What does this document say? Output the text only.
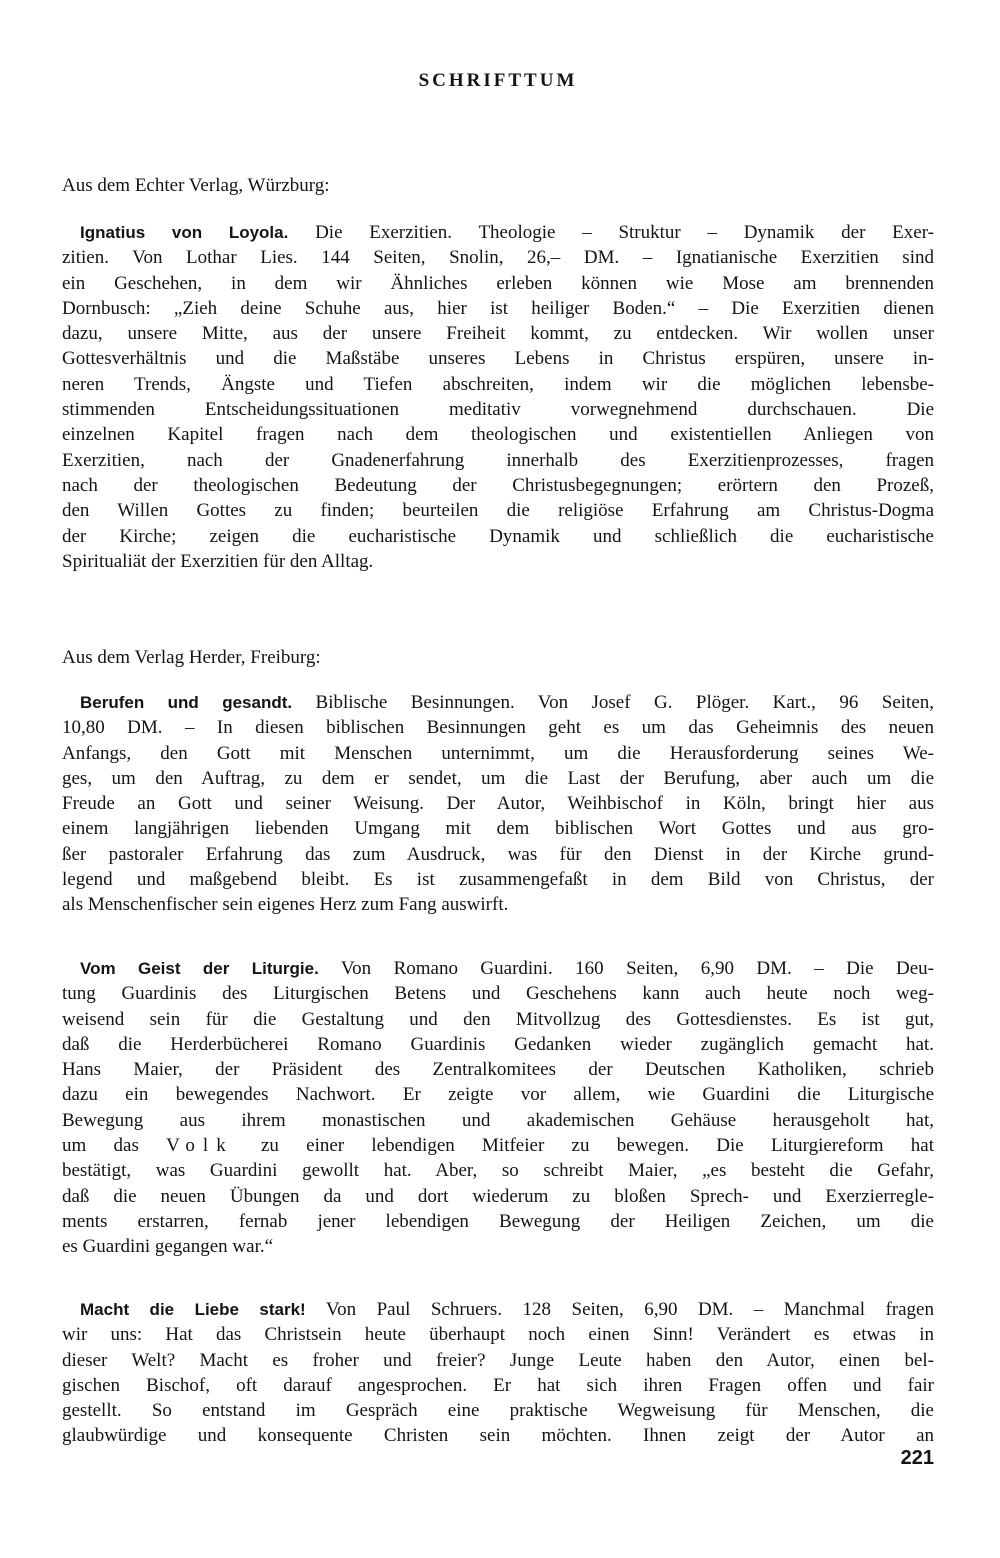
SCHRIFTTUM
Aus dem Echter Verlag, Würzburg:
Ignatius von Loyola. Die Exerzitien. Theologie – Struktur – Dynamik der Exer-
zitien. Von Lothar Lies. 144 Seiten, Snolin, 26,– DM. – Ignatianische Exerzitien sind
ein Geschehen, in dem wir Ähnliches erleben können wie Mose am brennenden
Dornbusch: „Zieh deine Schuhe aus, hier ist heiliger Boden.“ – Die Exerzitien dienen
dazu, unsere Mitte, aus der unsere Freiheit kommt, zu entdecken. Wir wollen unser
Gottesverhältnis und die Maßstäbe unseres Lebens in Christus erspüren, unsere in-
neren Trends, Ängste und Tiefen abschreiten, indem wir die möglichen lebensbe-
stimmenden Entscheidungssituationen meditativ vorwegnehmend durchschauen. Die
einzelnen Kapitel fragen nach dem theologischen und existentiellen Anliegen von
Exerzitien, nach der Gnadenerfahrung innerhalb des Exerzitienprozesses, fragen
nach der theologischen Bedeutung der Christusbegegnungen; erörtern den Prozeß,
den Willen Gottes zu finden; beurteilen die religiöse Erfahrung am Christus-Dogma
der Kirche; zeigen die eucharistische Dynamik und schließlich die eucharistische
Spiritualiät der Exerzitien für den Alltag.
Aus dem Verlag Herder, Freiburg:
Berufen und gesandt. Biblische Besinnungen. Von Josef G. Plöger. Kart., 96 Seiten,
10,80 DM. – In diesen biblischen Besinnungen geht es um das Geheimnis des neuen
Anfangs, den Gott mit Menschen unternimmt, um die Herausforderung seines We-
ges, um den Auftrag, zu dem er sendet, um die Last der Berufung, aber auch um die
Freude an Gott und seiner Weisung. Der Autor, Weihbischof in Köln, bringt hier aus
einem langjährigen liebenden Umgang mit dem biblischen Wort Gottes und aus gro-
ßer pastoraler Erfahrung das zum Ausdruck, was für den Dienst in der Kirche grund-
legend und maßgebend bleibt. Es ist zusammengefaßt in dem Bild von Christus, der
als Menschenfischer sein eigenes Herz zum Fang auswirft.
Vom Geist der Liturgie. Von Romano Guardini. 160 Seiten, 6,90 DM. – Die Deu-
tung Guardinis des Liturgischen Betens und Geschehens kann auch heute noch weg-
weisend sein für die Gestaltung und den Mitvollzug des Gottesdienstes. Es ist gut,
daß die Herderbücherei Romano Guardinis Gedanken wieder zugänglich gemacht hat.
Hans Maier, der Präsident des Zentralkomitees der Deutschen Katholiken, schrieb
dazu ein bewegendes Nachwort. Er zeigte vor allem, wie Guardini die Liturgische
Bewegung aus ihrem monastischen und akademischen Gehäuse herausgeholt hat,
um das Volk zu einer lebendigen Mitfeier zu bewegen. Die Liturgiereform hat
bestätigt, was Guardini gewollt hat. Aber, so schreibt Maier, „es besteht die Gefahr,
daß die neuen Übungen da und dort wiederum zu bloßen Sprech- und Exerzierregle-
ments erstarren, fernab jener lebendigen Bewegung der Heiligen Zeichen, um die
es Guardini gegangen war.“
Macht die Liebe stark! Von Paul Schruers. 128 Seiten, 6,90 DM. – Manchmal fragen
wir uns: Hat das Christsein heute überhaupt noch einen Sinn! Verändert es etwas in
dieser Welt? Macht es froher und freier? Junge Leute haben den Autor, einen bel-
gischen Bischof, oft darauf angesprochen. Er hat sich ihren Fragen offen und fair
gestellt. So entstand im Gespräch eine praktische Wegweisung für Menschen, die
glaubwürdige und konsequente Christen sein möchten. Ihnen zeigt der Autor an
221
